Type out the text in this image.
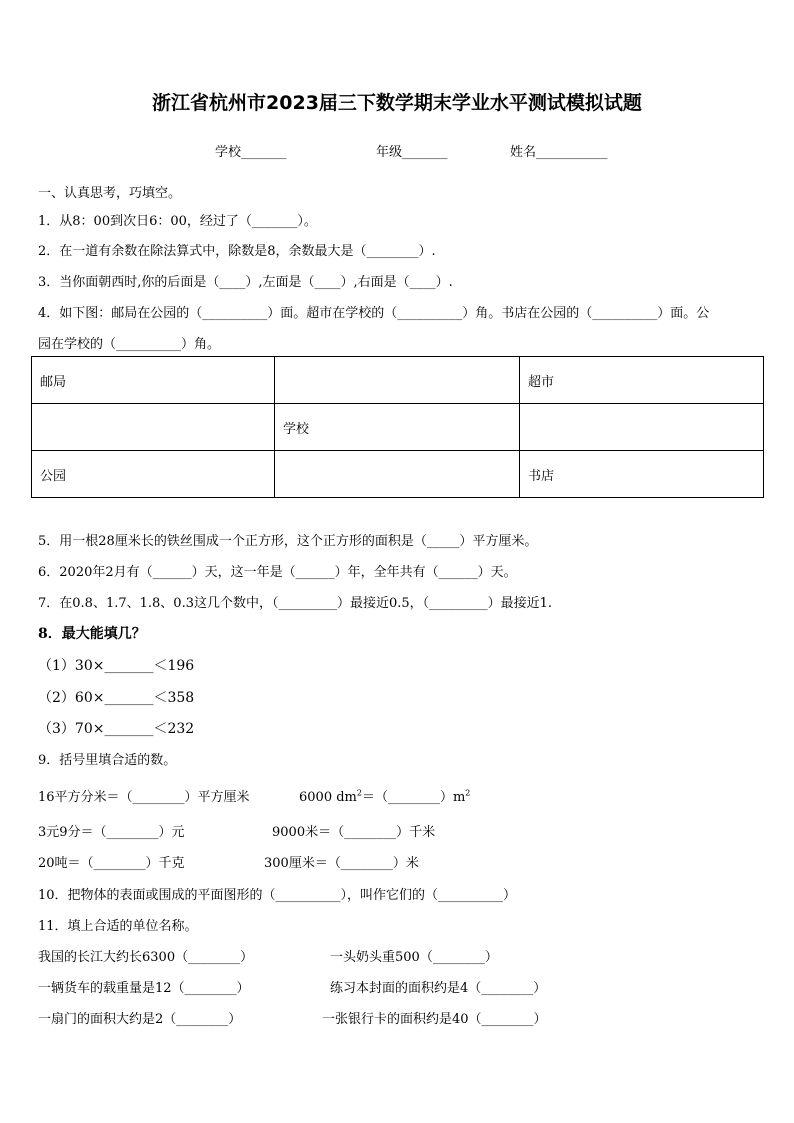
浙江省杭州市2023届三下数学期末学业水平测试模拟试题
学校_______	年级_______	姓名___________
一、认真思考，巧填空。
1．从8：00到次日6：00，经过了（_______）。
2．在一道有余数在除法算式中，除数是8，余数最大是（________）.
3．当你面朝西时,你的后面是（____）,左面是（____）,右面是（____）.
4．如下图：邮局在公园的（__________）面。超市在学校的（__________）角。书店在公园的（__________）面。公
园在学校的（__________）角。
邮局		超市
	学校	
公园		书店
5．用一根28厘米长的铁丝围成一个正方形，这个正方形的面积是（_____）平方厘米。
6．2020年2月有（______）天，这一年是（______）年，全年共有（______）天。
7．在0.8、1.7、1.8、0.3这几个数中，（_________）最接近0.5，（_________）最接近1.
8．最大能填几？
（1）30×_______＜196
（2）60×_______＜358
（3）70×_______＜232
9．括号里填合适的数。
16平方分米＝（________）平方厘米	6000 $dm^2=(\_\_\_\_\_\_\_\_)m^2$
3元9分＝（________）元	9000米＝（________）千米
20吨＝（________）千克	300厘米＝（________）米
10．把物体的表面或围成的平面图形的（__________），叫作它们的（__________）
11．填上合适的单位名称。
我国的长江大约长6300（________）	一头奶头重500（________）
一辆货车的载重量是12（________）	练习本封面的面积约是4（________）
一扇门的面积大约是2（________）	一张银行卡的面积约是40（________）
